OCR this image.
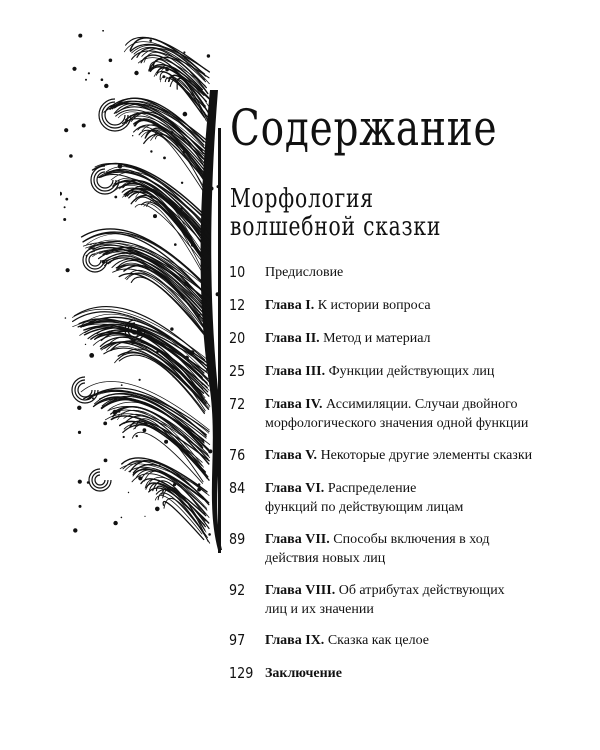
Содержание
Морфология
волшебной сказки
10	Предисловие
12	Глава I. К истории вопроса
20	Глава II. Метод и материал
25	Глава III. Функции действующих лиц
72	Глава IV. Ассимиляции. Случаи двойного морфологического значения одной функции
76	Глава V. Некоторые другие элементы сказки
84	Глава VI. Распределение функций по действующим лицам
89	Глава VII. Способы включения в ход действия новых лиц
92	Глава VIII. Об атрибутах действующих лиц и их значении
97	Глава IX. Сказка как целое
129 Заключение
